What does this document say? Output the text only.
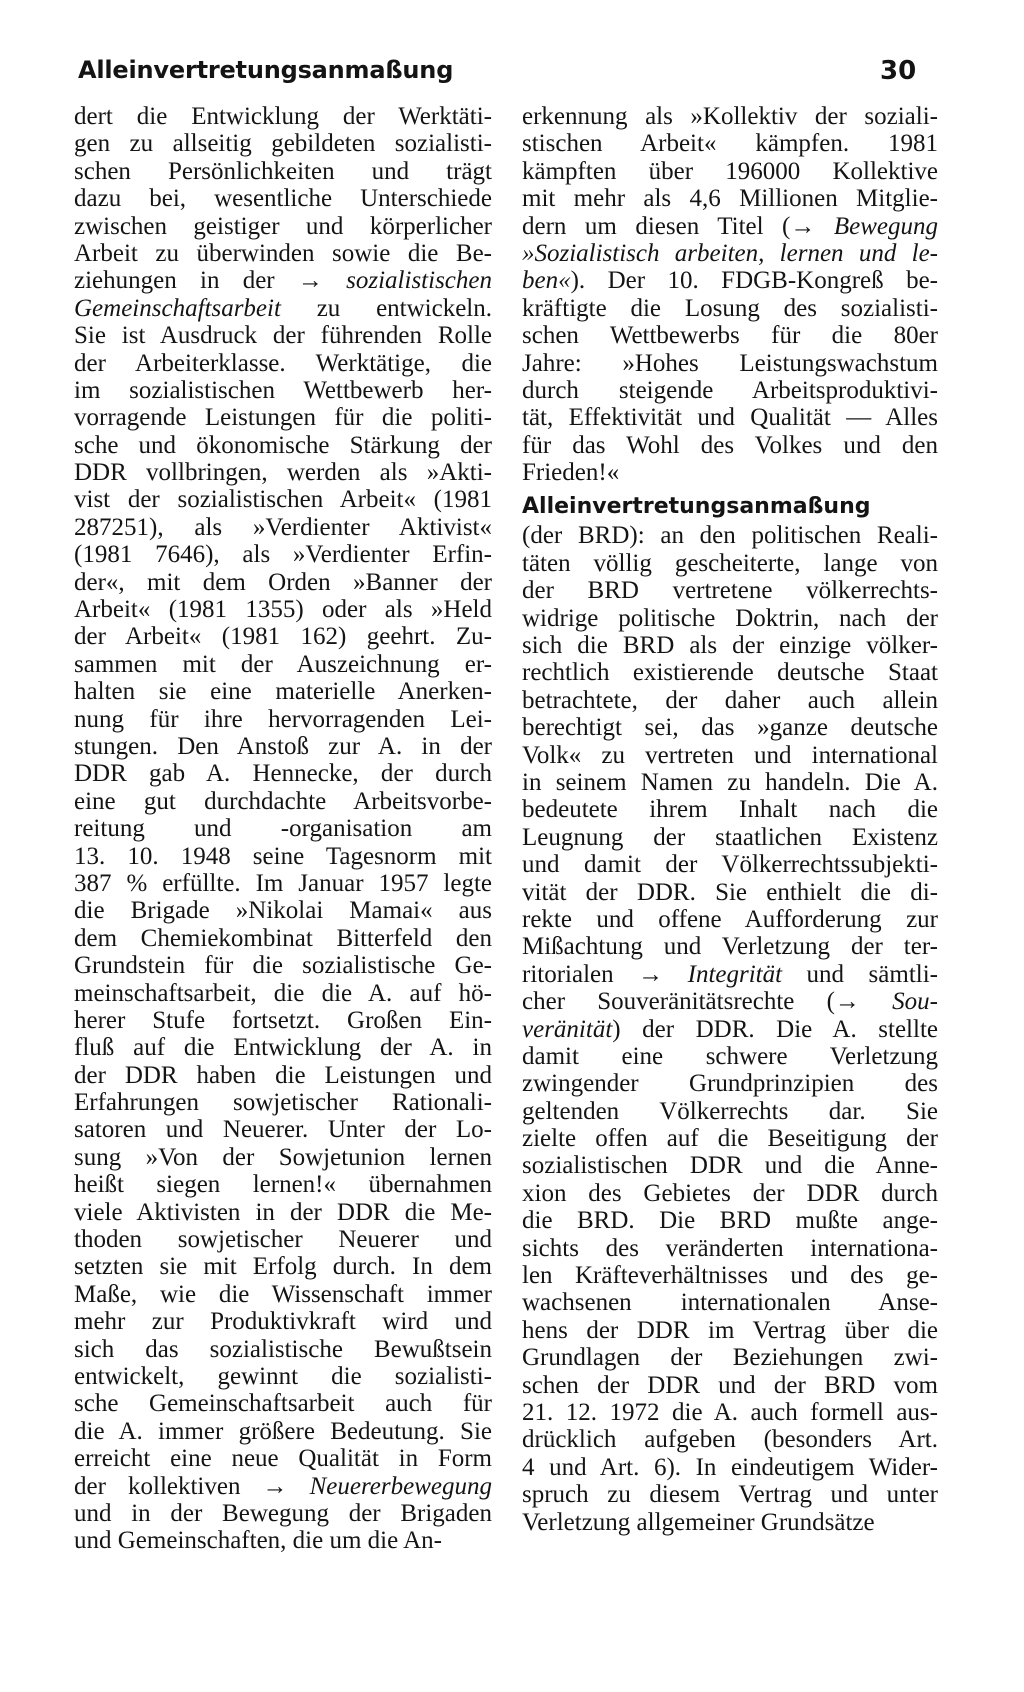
Alleinvertretungsanmaßung	30
dert die Entwicklung der Werktäti-
gen zu allseitig gebildeten sozialisti-
schen Persönlichkeiten und trägt
dazu bei, wesentliche Unterschiede
zwischen geistiger und körperlicher
Arbeit zu überwinden sowie die Be-
ziehungen in der → sozialistischen
Gemeinschaftsarbeit zu entwickeln.
Sie ist Ausdruck der führenden Rolle
der Arbeiterklasse. Werktätige, die
im sozialistischen Wettbewerb her-
vorragende Leistungen für die politi-
sche und ökonomische Stärkung der
DDR vollbringen, werden als »Akti-
vist der sozialistischen Arbeit« (1981
287251), als »Verdienter Aktivist«
(1981 7646), als »Verdienter Erfin-
der«, mit dem Orden »Banner der
Arbeit« (1981 1355) oder als »Held
der Arbeit« (1981 162) geehrt. Zu-
sammen mit der Auszeichnung er-
halten sie eine materielle Anerken-
nung für ihre hervorragenden Lei-
stungen. Den Anstoß zur A. in der
DDR gab A. Hennecke, der durch
eine gut durchdachte Arbeitsvorbe-
reitung und -organisation am
13. 10. 1948 seine Tagesnorm mit
387 % erfüllte. Im Januar 1957 legte
die Brigade »Nikolai Mamai« aus
dem Chemiekombinat Bitterfeld den
Grundstein für die sozialistische Ge-
meinschaftsarbeit, die die A. auf hö-
herer Stufe fortsetzt. Großen Ein-
fluß auf die Entwicklung der A. in
der DDR haben die Leistungen und
Erfahrungen sowjetischer Rationali-
satoren und Neuerer. Unter der Lo-
sung »Von der Sowjetunion lernen
heißt siegen lernen!« übernahmen
viele Aktivisten in der DDR die Me-
thoden sowjetischer Neuerer und
setzten sie mit Erfolg durch. In dem
Maße, wie die Wissenschaft immer
mehr zur Produktivkraft wird und
sich das sozialistische Bewußtsein
entwickelt, gewinnt die sozialisti-
sche Gemeinschaftsarbeit auch für
die A. immer größere Bedeutung. Sie
erreicht eine neue Qualität in Form
der kollektiven → Neuererbewegung
und in der Bewegung der Brigaden
und Gemeinschaften, die um die An-
erkennung als »Kollektiv der soziali-
stischen Arbeit« kämpfen. 1981
kämpften über 196000 Kollektive
mit mehr als 4,6 Millionen Mitglie-
dern um diesen Titel (→ Bewegung
»Sozialistisch arbeiten, lernen und le-
ben«). Der 10. FDGB-Kongreß be-
kräftigte die Losung des sozialisti-
schen Wettbewerbs für die 80er
Jahre: »Hohes Leistungswachstum
durch steigende Arbeitsproduktivi-
tät, Effektivität und Qualität — Alles
für das Wohl des Volkes und den
Frieden!«
Alleinvertretungsanmaßung
(der BRD): an den politischen Reali-
täten völlig gescheiterte, lange von
der BRD vertretene völkerrechts-
widrige politische Doktrin, nach der
sich die BRD als der einzige völker-
rechtlich existierende deutsche Staat
betrachtete, der daher auch allein
berechtigt sei, das »ganze deutsche
Volk« zu vertreten und international
in seinem Namen zu handeln. Die A.
bedeutete ihrem Inhalt nach die
Leugnung der staatlichen Existenz
und damit der Völkerrechtssubjekti-
vität der DDR. Sie enthielt die di-
rekte und offene Aufforderung zur
Mißachtung und Verletzung der ter-
ritorialen → Integrität und sämtli-
cher Souveränitätsrechte (→ Sou-
veränität) der DDR. Die A. stellte
damit eine schwere Verletzung
zwingender Grundprinzipien des
geltenden Völkerrechts dar. Sie
zielte offen auf die Beseitigung der
sozialistischen DDR und die Anne-
xion des Gebietes der DDR durch
die BRD. Die BRD mußte ange-
sichts des veränderten internationa-
len Kräfteverhältnisses und des ge-
wachsenen internationalen Anse-
hens der DDR im Vertrag über die
Grundlagen der Beziehungen zwi-
schen der DDR und der BRD vom
21. 12. 1972 die A. auch formell aus-
drücklich aufgeben (besonders Art.
4 und Art. 6). In eindeutigem Wider-
spruch zu diesem Vertrag und unter
Verletzung allgemeiner Grundsätze
